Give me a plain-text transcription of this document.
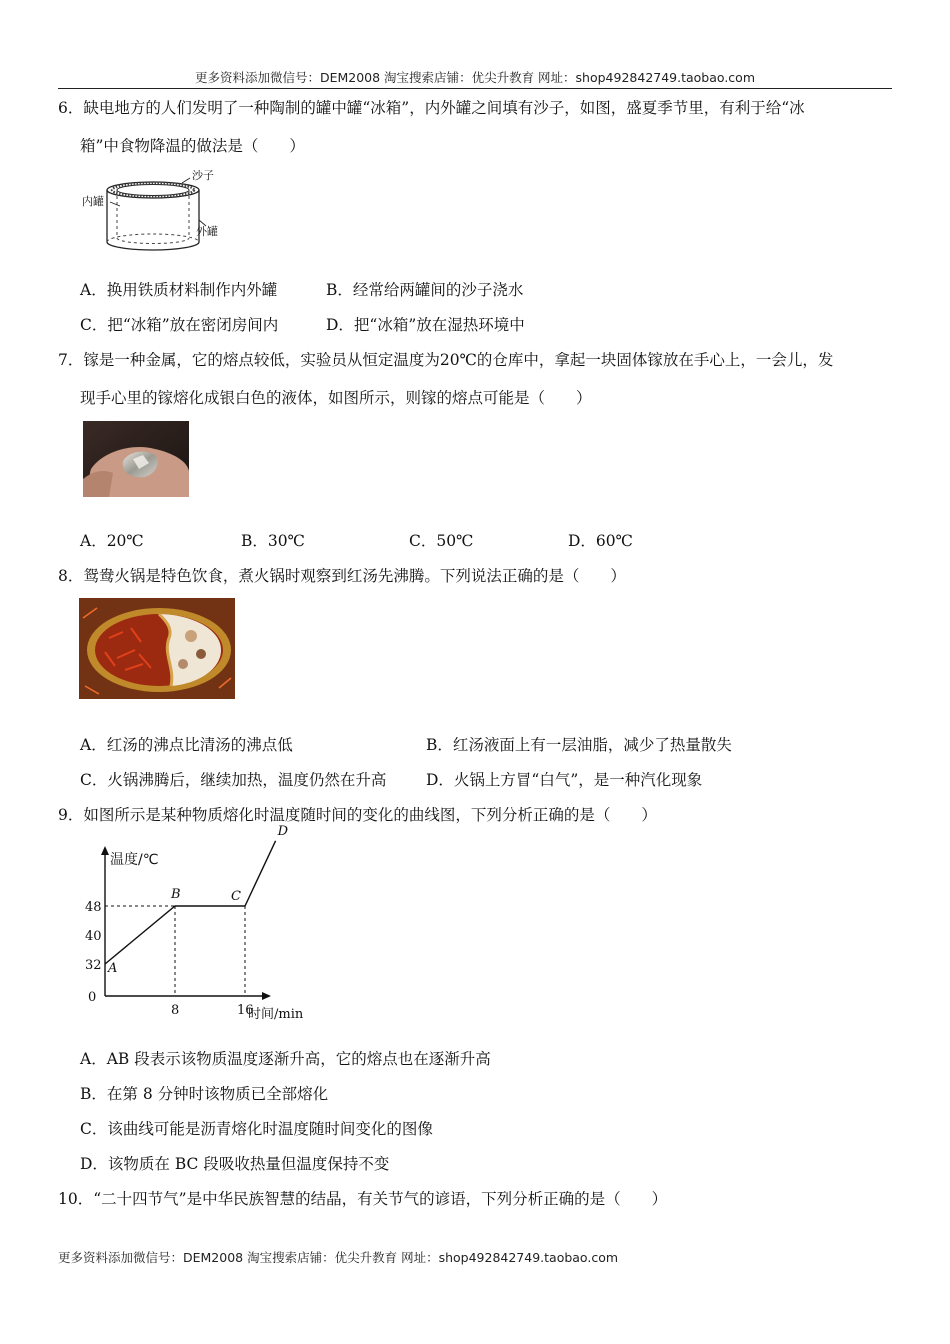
更多资料添加微信号：DEM2008 淘宝搜索店铺：优尖升教育 网址：shop492842749.taobao.com
6．缺电地方的人们发明了一种陶制的罐中罐“冰箱”，内外罐之间填有沙子，如图，盛夏季节里，有利于给“冰
箱”中食物降温的做法是（　　）
沙子
内罐
外罐
A．换用铁质材料制作内外罐	B．经常给两罐间的沙子浇水
C．把“冰箱”放在密闭房间内	D．把“冰箱”放在湿热环境中
7．镓是一种金属，它的熔点较低，实验员从恒定温度为20℃的仓库中，拿起一块固体镓放在手心上，一会儿，发
现手心里的镓熔化成银白色的液体，如图所示，则镓的熔点可能是（　　）
A．20℃	B．30℃	C．50℃	D．60℃
8．鸳鸯火锅是特色饮食，煮火锅时观察到红汤先沸腾。下列说法正确的是（　　）
A．红汤的沸点比清汤的沸点低	B．红汤液面上有一层油脂，减少了热量散失
C．火锅沸腾后，继续加热，温度仍然在升高	D．火锅上方冒“白气”，是一种汽化现象
9．如图所示是某种物质熔化时温度随时间的变化的曲线图，下列分析正确的是（　　）
温度/℃
时间/min
0
32
40
48
8	16
A
B	C
D
A．AB 段表示该物质温度逐渐升高，它的熔点也在逐渐升高
B．在第 8 分钟时该物质已全部熔化
C．该曲线可能是沥青熔化时温度随时间变化的图像
D．该物质在 BC 段吸收热量但温度保持不变
10．“二十四节气”是中华民族智慧的结晶，有关节气的谚语，下列分析正确的是（　　）
更多资料添加微信号：DEM2008 淘宝搜索店铺：优尖升教育 网址：shop492842749.taobao.com
